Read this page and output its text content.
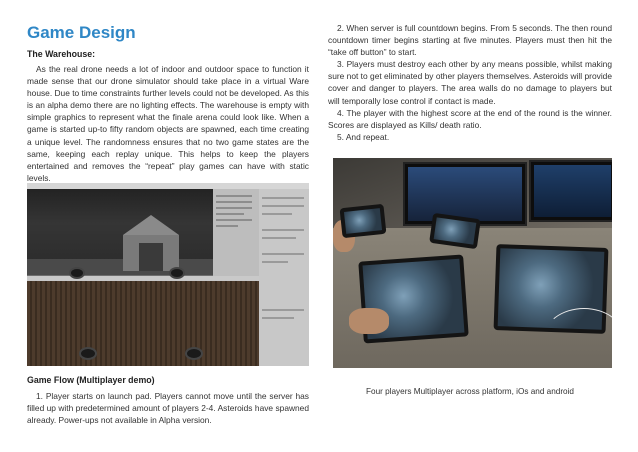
Game Design
The Warehouse:

As the real drone needs a lot of indoor and outdoor space to function it made sense that our drone simulator should take place in a virtual Ware house. Due to time constraints further levels could not be developed. As this is an alpha demo there are no lighting effects. The warehouse is empty with simple graphics to represent what the finale arena could look like. When a game is started up-to fifty random objects are spawned, each time creating a unique level. The randomness ensures that no two game states are the same, keeping each replay unique. This helps to keep the players entertained and removes the “repeat” play games can have with static levels.

Game Flow (Multiplayer demo)

1. Player starts on launch pad. Players cannot move until the server has filled up with predetermined amount of players 2-4. Asteroids have spawned already. Power-ups not available in Alpha version.

2. When server is full countdown begins. From 5 seconds. The then round countdown timer begins starting at five minutes. Players must then hit the “take off button” to start.

3. Players must destroy each other by any means possible, whilst making sure not to get eliminated by other players themselves. Asteroids will provide cover and danger to players. The area walls do no damage to players but will temporally lose control if contact is made.

4. The player with the highest score at the end of the round is the winner. Scores are displayed as Kills/ death ratio.

5. And repeat.

Four players Multiplayer across platform, iOs and android
